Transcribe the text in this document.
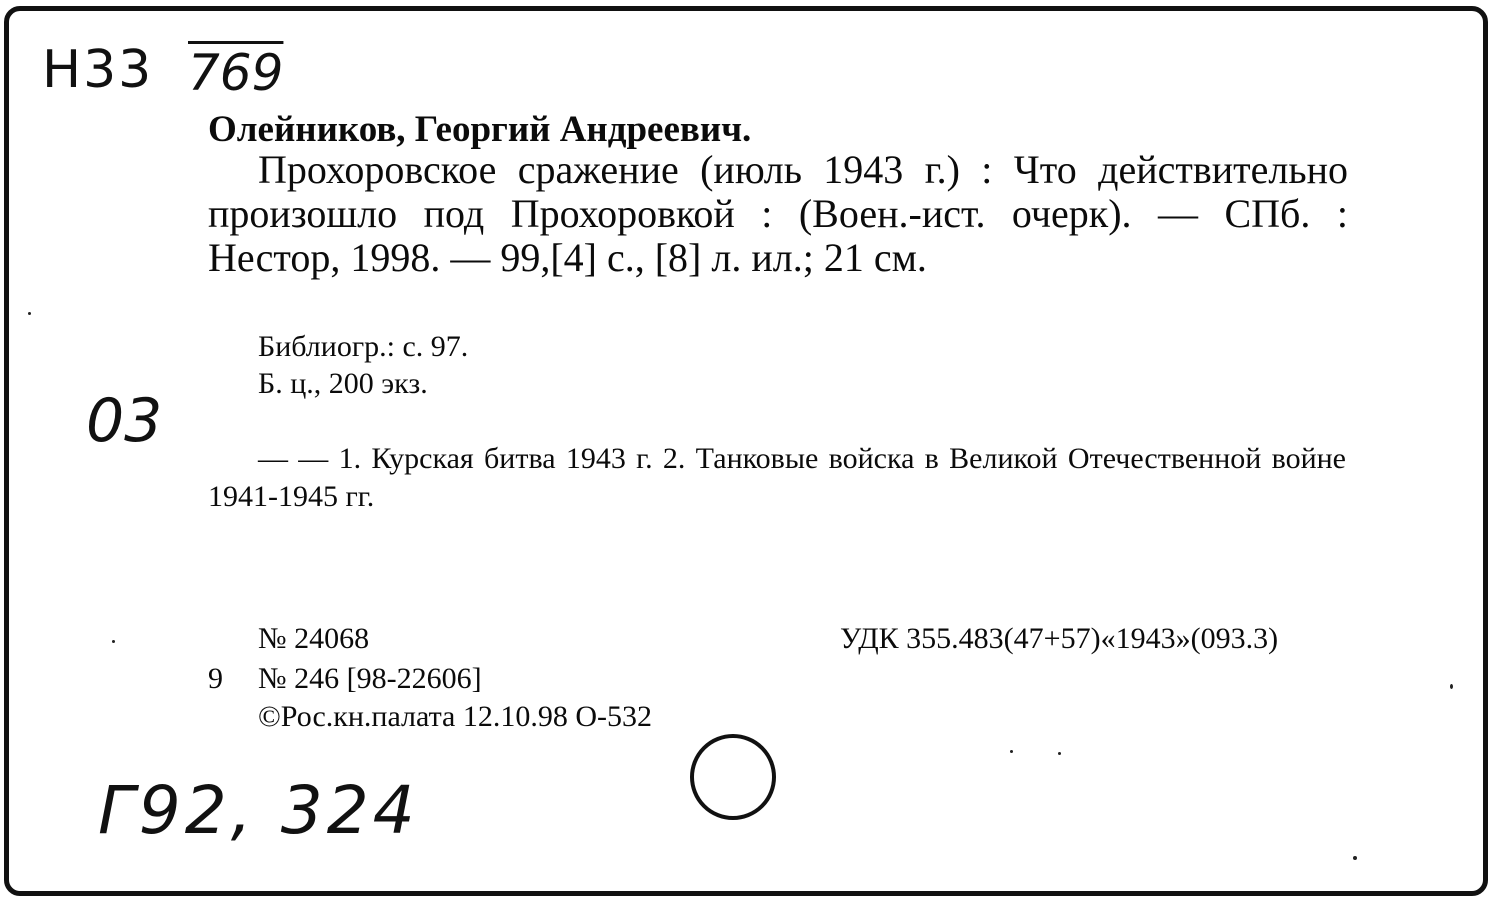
Н33 769
03
Г92, 324
Олейников, Георгий Андреевич.

Прохоровское сражение (июль 1943 г.) : Что действительно произошло под Прохоровкой : (Воен.-ист. очерк). — СПб. : Нестор, 1998. — 99,[4] с., [8] л. ил.; 21 см.

Библиогр.: с. 97.
Б. ц., 200 экз.

— — 1. Курская битва 1943 г. 2. Танковые войска в Великой Отечественной войне 1941-1945 гг.

№ 24068	УДК 355.483(47+57)«1943»(093.3)
9 № 246 [98-22606]
©Рос.кн.палата 12.10.98 О-532
